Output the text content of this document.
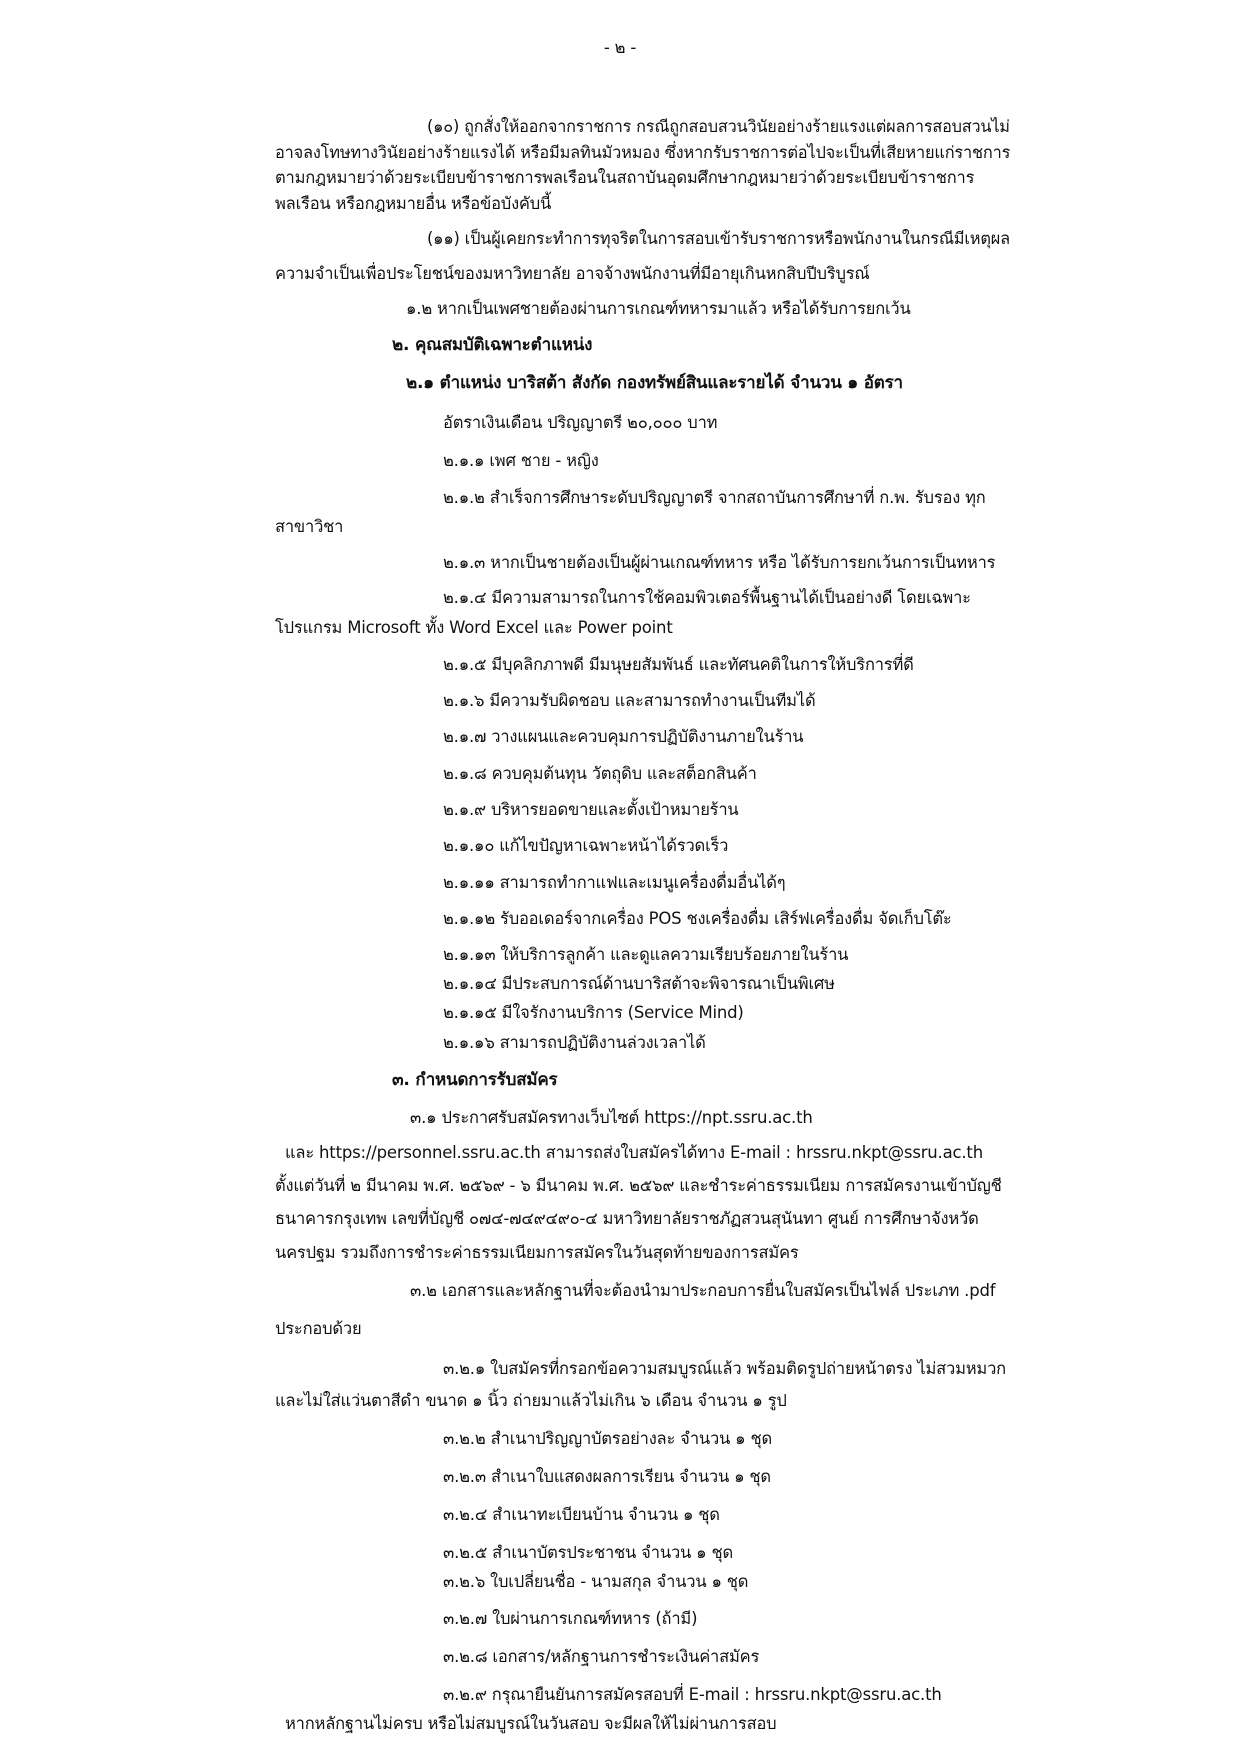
- ๒ -
(๑๐) ถูกสั่งให้ออกจากราชการ กรณีถูกสอบสวนวินัยอย่างร้ายแรงแต่ผลการสอบสวนไม่
อาจลงโทษทางวินัยอย่างร้ายแรงได้ หรือมีมลทินมัวหมอง ซึ่งหากรับราชการต่อไปจะเป็นที่เสียหายแก่ราชการ
ตามกฎหมายว่าด้วยระเบียบข้าราชการพลเรือนในสถาบันอุดมศึกษากฎหมายว่าด้วยระเบียบข้าราชการ
พลเรือน หรือกฎหมายอื่น หรือข้อบังคับนี้
(๑๑) เป็นผู้เคยกระทำการทุจริตในการสอบเข้ารับราชการหรือพนักงานในกรณีมีเหตุผล
ความจำเป็นเพื่อประโยชน์ของมหาวิทยาลัย อาจจ้างพนักงานที่มีอายุเกินหกสิบปีบริบูรณ์
๑.๒ หากเป็นเพศชายต้องผ่านการเกณฑ์ทหารมาแล้ว หรือได้รับการยกเว้น
๒. คุณสมบัติเฉพาะตำแหน่ง
๒.๑ ตำแหน่ง บาริสต้า สังกัด กองทรัพย์สินและรายได้ จำนวน ๑ อัตรา
อัตราเงินเดือน ปริญญาตรี ๒๐,๐๐๐ บาท
๒.๑.๑ เพศ ชาย - หญิง
๒.๑.๒ สำเร็จการศึกษาระดับปริญญาตรี จากสถาบันการศึกษาที่ ก.พ. รับรอง ทุก
สาขาวิชา
๒.๑.๓ หากเป็นชายต้องเป็นผู้ผ่านเกณฑ์ทหาร หรือ ได้รับการยกเว้นการเป็นทหาร
๒.๑.๔ มีความสามารถในการใช้คอมพิวเตอร์พื้นฐานได้เป็นอย่างดี โดยเฉพาะ
โปรแกรม Microsoft ทั้ง Word Excel และ Power point
๒.๑.๕ มีบุคลิกภาพดี มีมนุษยสัมพันธ์ และทัศนคติในการให้บริการที่ดี
๒.๑.๖ มีความรับผิดชอบ และสามารถทำงานเป็นทีมได้
๒.๑.๗ วางแผนและควบคุมการปฏิบัติงานภายในร้าน
๒.๑.๘ ควบคุมต้นทุน วัตถุดิบ และสต็อกสินค้า
๒.๑.๙ บริหารยอดขายและตั้งเป้าหมายร้าน
๒.๑.๑๐ แก้ไขปัญหาเฉพาะหน้าได้รวดเร็ว
๒.๑.๑๑ สามารถทำกาแฟและเมนูเครื่องดื่มอื่นได้ๆ
๒.๑.๑๒ รับออเดอร์จากเครื่อง POS ชงเครื่องดื่ม เสิร์ฟเครื่องดื่ม จัดเก็บโต๊ะ
๒.๑.๑๓ ให้บริการลูกค้า และดูแลความเรียบร้อยภายในร้าน
๒.๑.๑๔ มีประสบการณ์ด้านบาริสต้าจะพิจารณาเป็นพิเศษ
๒.๑.๑๕ มีใจรักงานบริการ (Service Mind)
๒.๑.๑๖ สามารถปฏิบัติงานล่วงเวลาได้
๓. กำหนดการรับสมัคร
๓.๑ ประกาศรับสมัครทางเว็บไซต์ https://npt.ssru.ac.th
และ https://personnel.ssru.ac.th สามารถส่งใบสมัครได้ทาง E-mail : hrssru.nkpt@ssru.ac.th
ตั้งแต่วันที่ ๒ มีนาคม พ.ศ. ๒๕๖๙ - ๖ มีนาคม พ.ศ. ๒๕๖๙ และชำระค่าธรรมเนียม การสมัครงานเข้าบัญชี
ธนาคารกรุงเทพ เลขที่บัญชี ๐๗๔-๗๔๙๔๙๐-๔ มหาวิทยาลัยราชภัฏสวนสุนันทา ศูนย์ การศึกษาจังหวัด
นครปฐม รวมถึงการชำระค่าธรรมเนียมการสมัครในวันสุดท้ายของการสมัคร
๓.๒ เอกสารและหลักฐานที่จะต้องนำมาประกอบการยื่นใบสมัครเป็นไฟล์ ประเภท .pdf
ประกอบด้วย
๓.๒.๑ ใบสมัครที่กรอกข้อความสมบูรณ์แล้ว พร้อมติดรูปถ่ายหน้าตรง ไม่สวมหมวก
และไม่ใส่แว่นตาสีดำ ขนาด ๑ นิ้ว ถ่ายมาแล้วไม่เกิน ๖ เดือน จำนวน ๑ รูป
๓.๒.๒ สำเนาปริญญาบัตรอย่างละ จำนวน ๑ ชุด
๓.๒.๓ สำเนาใบแสดงผลการเรียน จำนวน ๑ ชุด
๓.๒.๔ สำเนาทะเบียนบ้าน จำนวน ๑ ชุด
๓.๒.๕ สำเนาบัตรประชาชน จำนวน ๑ ชุด
๓.๒.๖ ใบเปลี่ยนชื่อ - นามสกุล จำนวน ๑ ชุด
๓.๒.๗ ใบผ่านการเกณฑ์ทหาร (ถ้ามี)
๓.๒.๘ เอกสาร/หลักฐานการชำระเงินค่าสมัคร
๓.๒.๙ กรุณายืนยันการสมัครสอบที่ E-mail : hrssru.nkpt@ssru.ac.th
หากหลักฐานไม่ครบ หรือไม่สมบูรณ์ในวันสอบ จะมีผลให้ไม่ผ่านการสอบ
